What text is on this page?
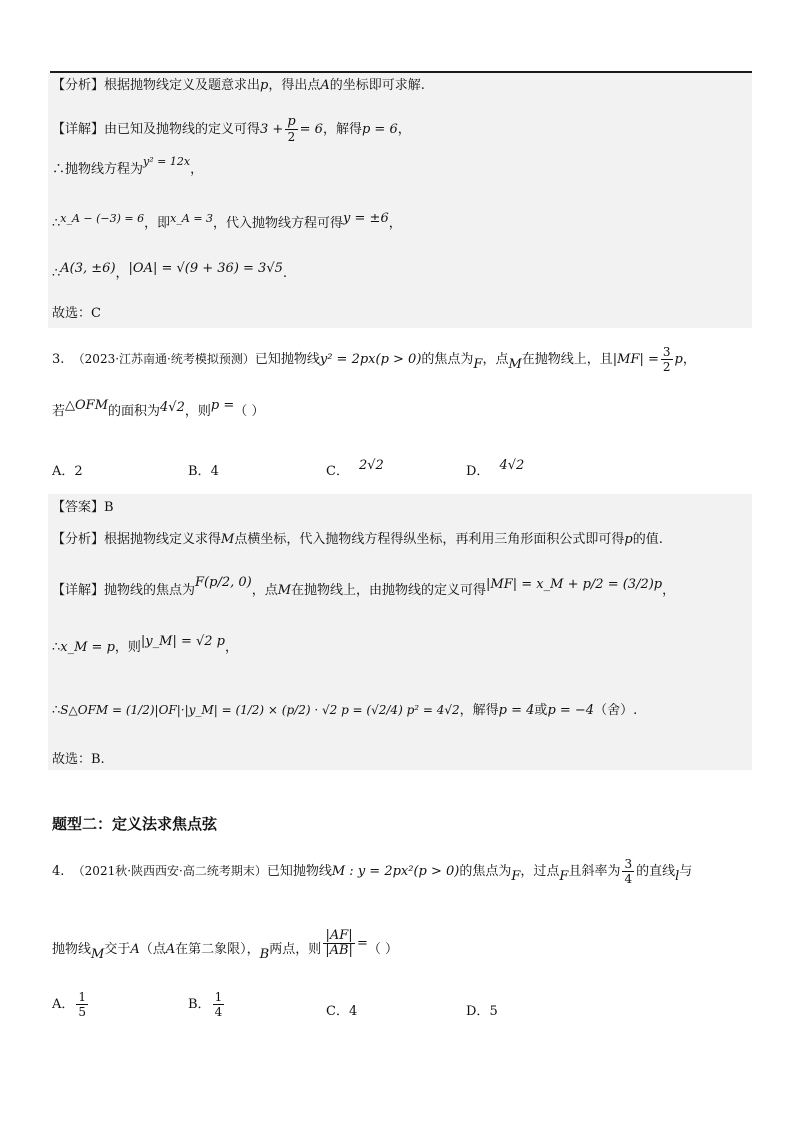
【分析】根据抛物线定义及题意求出p，得出点A的坐标即可求解.
【详解】由已知及抛物线的定义可得$3 + \frac{p}{2} = 6$，解得p = 6，
∴抛物线方程为$^{y^2 = 12x}$，
∴$^{x\_A - (-3) = 6}$，即$^{x\_A = 3}$，代入抛物线方程可得y = ±6，
∴A(3, ±6)，|OA| = √(9 + 36) = 3√5.
故选：C
3. （2023·江苏南通·统考模拟预测）已知抛物线y² = 2px(p > 0)的焦点为F，点M在抛物线上，且$|MF| = \frac{3}{2}$ p，
若△OFM的面积为4√2，则p =（ ）
A．2	B．4	C． 2√2	D． 4√2
【答案】B
【分析】根据抛物线定义求得M点横坐标，代入抛物线方程得纵坐标，再利用三角形面积公式即可得p的值.
【详解】抛物线的焦点为F(p/2, 0)，点M在抛物线上，由抛物线的定义可得|MF| = x_M + p/2 = (3/2)p，
∴x_M = p，则|y_M| = √2 p，
∴S△OFM = (1/2)|OF|·|y_M| = (1/2) × (p/2) · √2 p = (√2/4) p² = 4√2，解得p = 4或p = −4（舍）.
故选：B.
题型二：定义法求焦点弦
4. （2021秋·陕西西安·高二统考期末）已知抛物线M : y = 2px²(p > 0)的焦点为F，过点F且斜率为 $\frac{3}{4}$ 的直线l与
抛物线M交于A（点A在第二象限），B两点，则 $\frac{|AF|}{|AB|}$ =（ ）
A． $\frac{1}{5}$	B． $\frac{1}{4}$	C．4	D．5
